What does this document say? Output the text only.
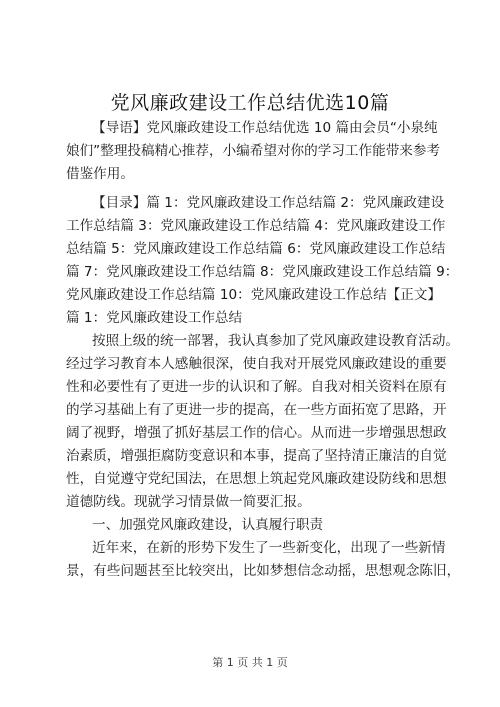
党风廉政建设工作总结优选10篇
【导语】党风廉政建设工作总结优选 10 篇由会员“小泉纯
娘们”整理投稿精心推荐，小编希望对你的学习工作能带来参考
借鉴作用。
【目录】篇 1：党风廉政建设工作总结篇 2：党风廉政建设
工作总结篇 3：党风廉政建设工作总结篇 4：党风廉政建设工作
总结篇 5：党风廉政建设工作总结篇 6：党风廉政建设工作总结
篇 7：党风廉政建设工作总结篇 8：党风廉政建设工作总结篇 9：
党风廉政建设工作总结篇 10：党风廉政建设工作总结【正文】
篇 1：党风廉政建设工作总结
按照上级的统一部署，我认真参加了党风廉政建设教育活动。
经过学习教育本人感触很深，使自我对开展党风廉政建设的重要
性和必要性有了更进一步的认识和了解。自我对相关资料在原有
的学习基础上有了更进一步的提高，在一些方面拓宽了思路，开
阔了视野，增强了抓好基层工作的信心。从而进一步增强思想政
治素质，增强拒腐防变意识和本事，提高了坚持清正廉洁的自觉
性，自觉遵守党纪国法，在思想上筑起党风廉政建设防线和思想
道德防线。现就学习情景做一简要汇报。
一、加强党风廉政建设，认真履行职责
近年来，在新的形势下发生了一些新变化，出现了一些新情
景，有些问题甚至比较突出，比如梦想信念动摇，思想观念陈旧，
第 1 页 共 1 页
